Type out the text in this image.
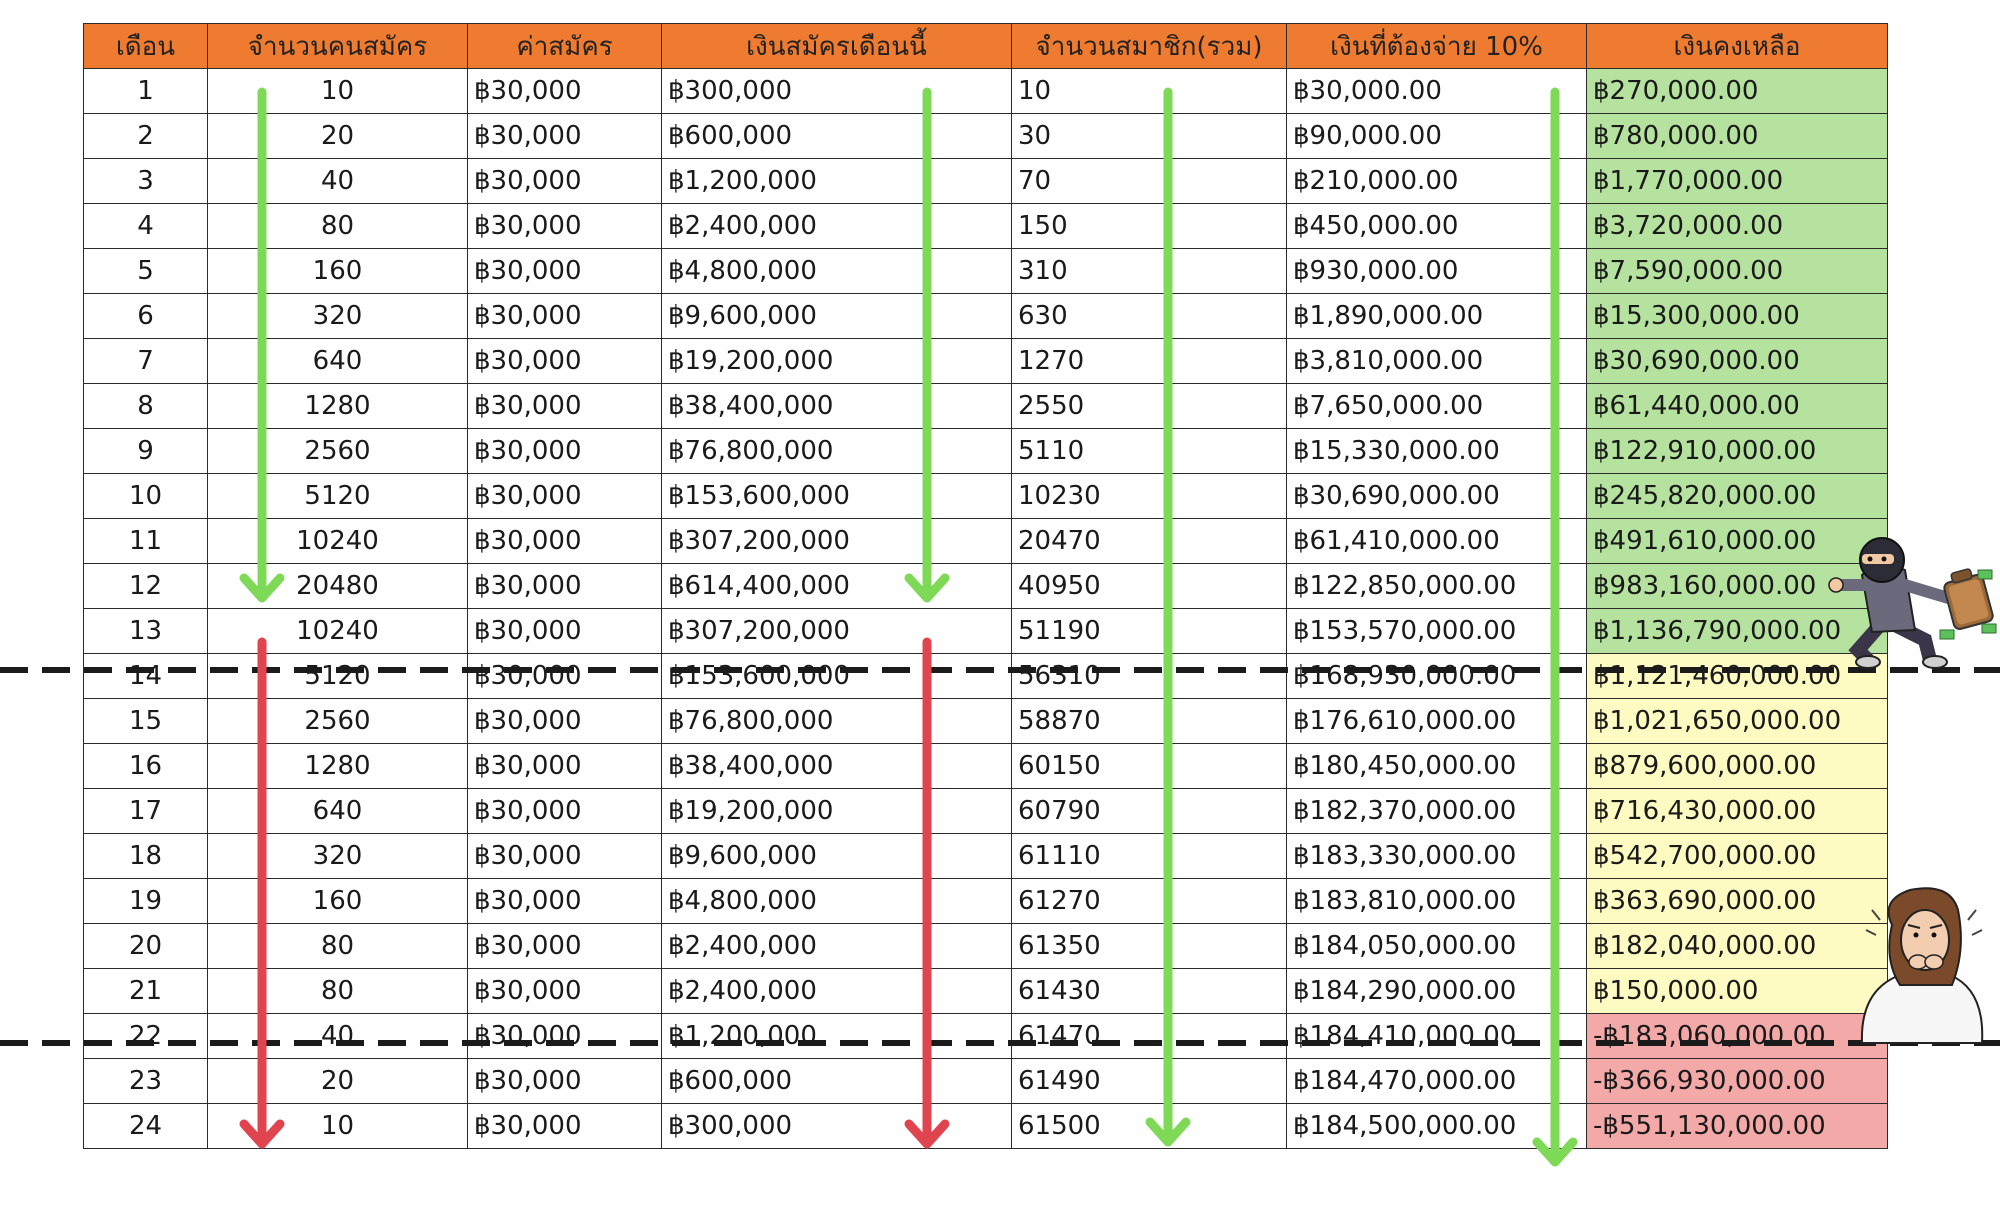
เดือน	จำนวนคนสมัคร	ค่าสมัคร	เงินสมัครเดือนนี้	จำนวนสมาชิก(รวม)	เงินที่ต้องจ่าย 10%	เงินคงเหลือ
1	10	฿30,000	฿300,000	10	฿30,000.00	฿270,000.00
2	20	฿30,000	฿600,000	30	฿90,000.00	฿780,000.00
3	40	฿30,000	฿1,200,000	70	฿210,000.00	฿1,770,000.00
4	80	฿30,000	฿2,400,000	150	฿450,000.00	฿3,720,000.00
5	160	฿30,000	฿4,800,000	310	฿930,000.00	฿7,590,000.00
6	320	฿30,000	฿9,600,000	630	฿1,890,000.00	฿15,300,000.00
7	640	฿30,000	฿19,200,000	1270	฿3,810,000.00	฿30,690,000.00
8	1280	฿30,000	฿38,400,000	2550	฿7,650,000.00	฿61,440,000.00
9	2560	฿30,000	฿76,800,000	5110	฿15,330,000.00	฿122,910,000.00
10	5120	฿30,000	฿153,600,000	10230	฿30,690,000.00	฿245,820,000.00
11	10240	฿30,000	฿307,200,000	20470	฿61,410,000.00	฿491,610,000.00
12	20480	฿30,000	฿614,400,000	40950	฿122,850,000.00	฿983,160,000.00
13	10240	฿30,000	฿307,200,000	51190	฿153,570,000.00	฿1,136,790,000.00
14	5120	฿30,000	฿153,600,000	56310	฿168,930,000.00	฿1,121,460,000.00
15	2560	฿30,000	฿76,800,000	58870	฿176,610,000.00	฿1,021,650,000.00
16	1280	฿30,000	฿38,400,000	60150	฿180,450,000.00	฿879,600,000.00
17	640	฿30,000	฿19,200,000	60790	฿182,370,000.00	฿716,430,000.00
18	320	฿30,000	฿9,600,000	61110	฿183,330,000.00	฿542,700,000.00
19	160	฿30,000	฿4,800,000	61270	฿183,810,000.00	฿363,690,000.00
20	80	฿30,000	฿2,400,000	61350	฿184,050,000.00	฿182,040,000.00
21	80	฿30,000	฿2,400,000	61430	฿184,290,000.00	฿150,000.00
22	40	฿30,000	฿1,200,000	61470	฿184,410,000.00	-฿183,060,000.00
23	20	฿30,000	฿600,000	61490	฿184,470,000.00	-฿366,930,000.00
24	10	฿30,000	฿300,000	61500	฿184,500,000.00	-฿551,130,000.00
